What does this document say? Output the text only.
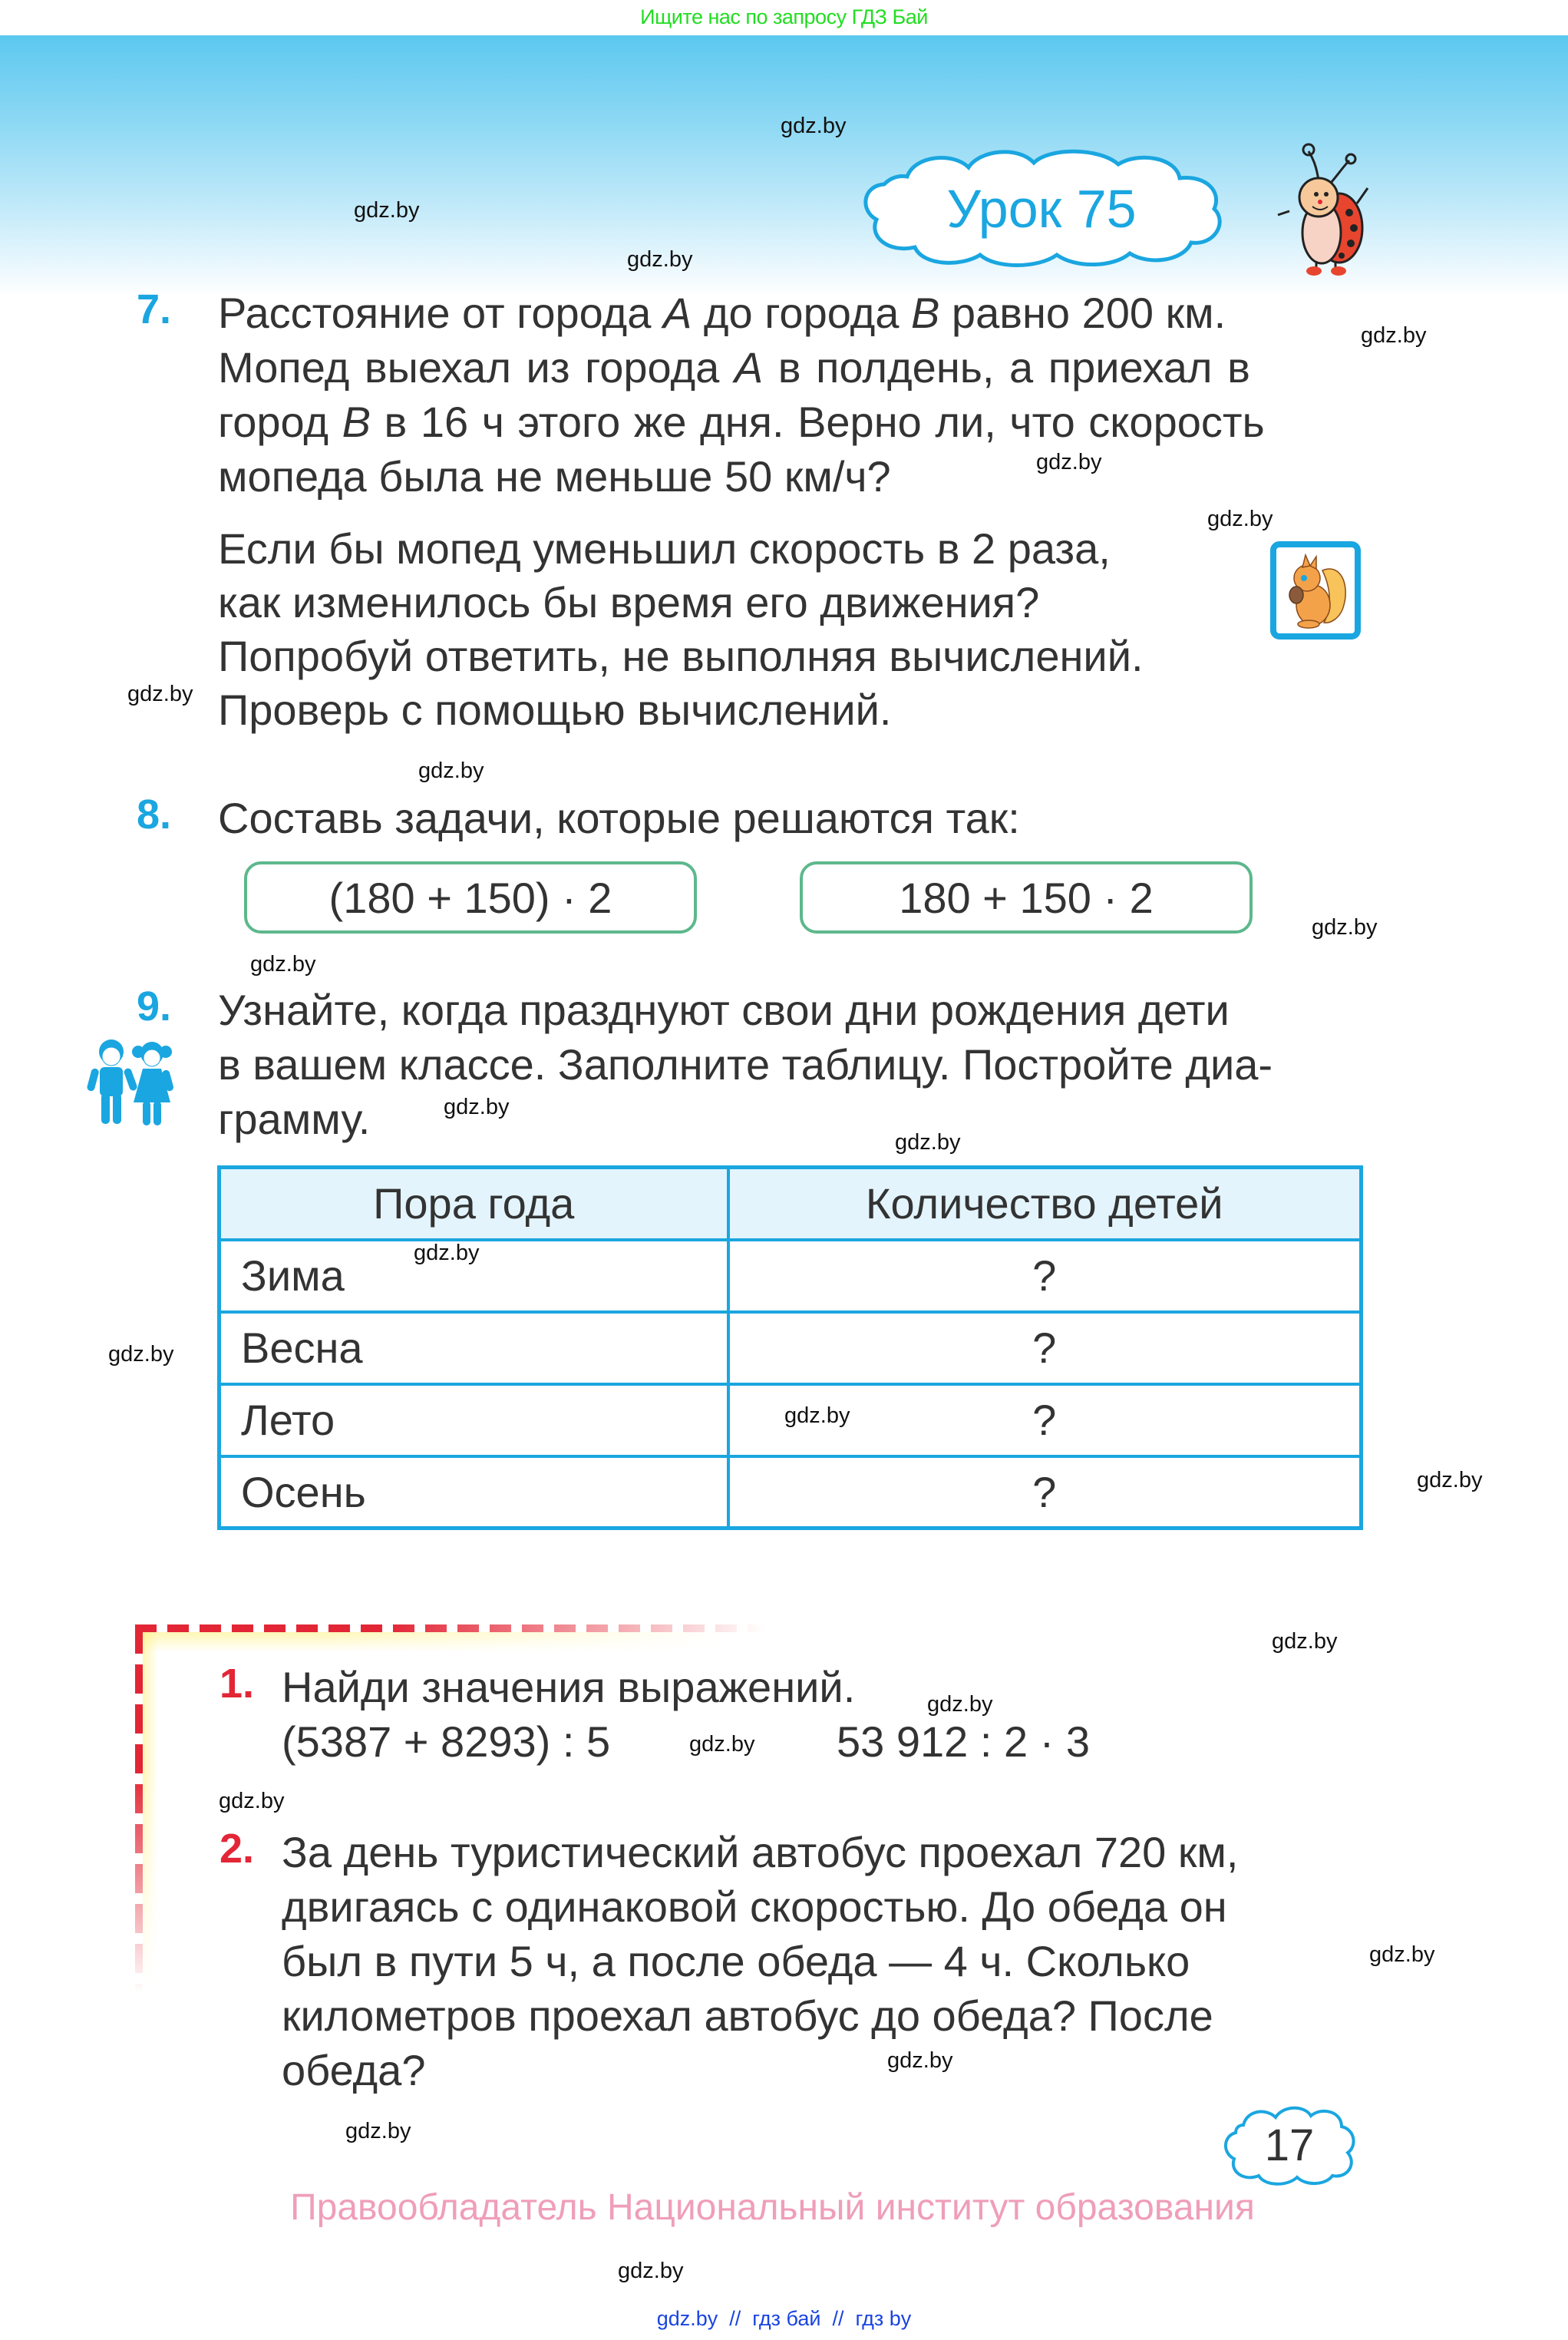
Ищите нас по запросу ГДЗ Бай
Урок 75
gdz.by
gdz.by
gdz.by
gdz.by
gdz.by
gdz.by
gdz.by
gdz.by
gdz.by
gdz.by
gdz.by
gdz.by
gdz.by
gdz.by
gdz.by
gdz.by
gdz.by
gdz.by
gdz.by
gdz.by
gdz.by
gdz.by
gdz.by
gdz.by
7. Расстояние от города A до города B равно 200 км.

Мопед выехал из города A в полдень, а приехал в

город B в 16 ч этого же дня. Верно ли, что скорость

мопеда была не меньше 50 км/ч?

Если бы мопед уменьшил скорость в 2 раза,

как изменилось бы время его движения?

Попробуй ответить, не выполняя вычислений.

Проверь с помощью вычислений.

8. Составь задачи, которые решаются так:

(180 + 150) · 2	180 + 150 · 2
9. Узнайте, когда празднуют свои дни рождения дети

в вашем классе. Заполните таблицу. Постройте диа-

грамму.

Пора года	Количество детей
Зима	?
Весна	?
Лето	?
Осень	?
1. Найди значения выражений.

(5387 + 8293) : 5	53 912 : 2 · 3

2. За день туристический автобус проехал 720 км,

двигаясь с одинаковой скоростью. До обеда он

был в пути 5 ч, а после обеда — 4 ч. Сколько

километров проехал автобус до обеда? После

обеда?

17
Правообладатель Национальный институт образования
gdz.by  //  гдз бай  //  гдз by
